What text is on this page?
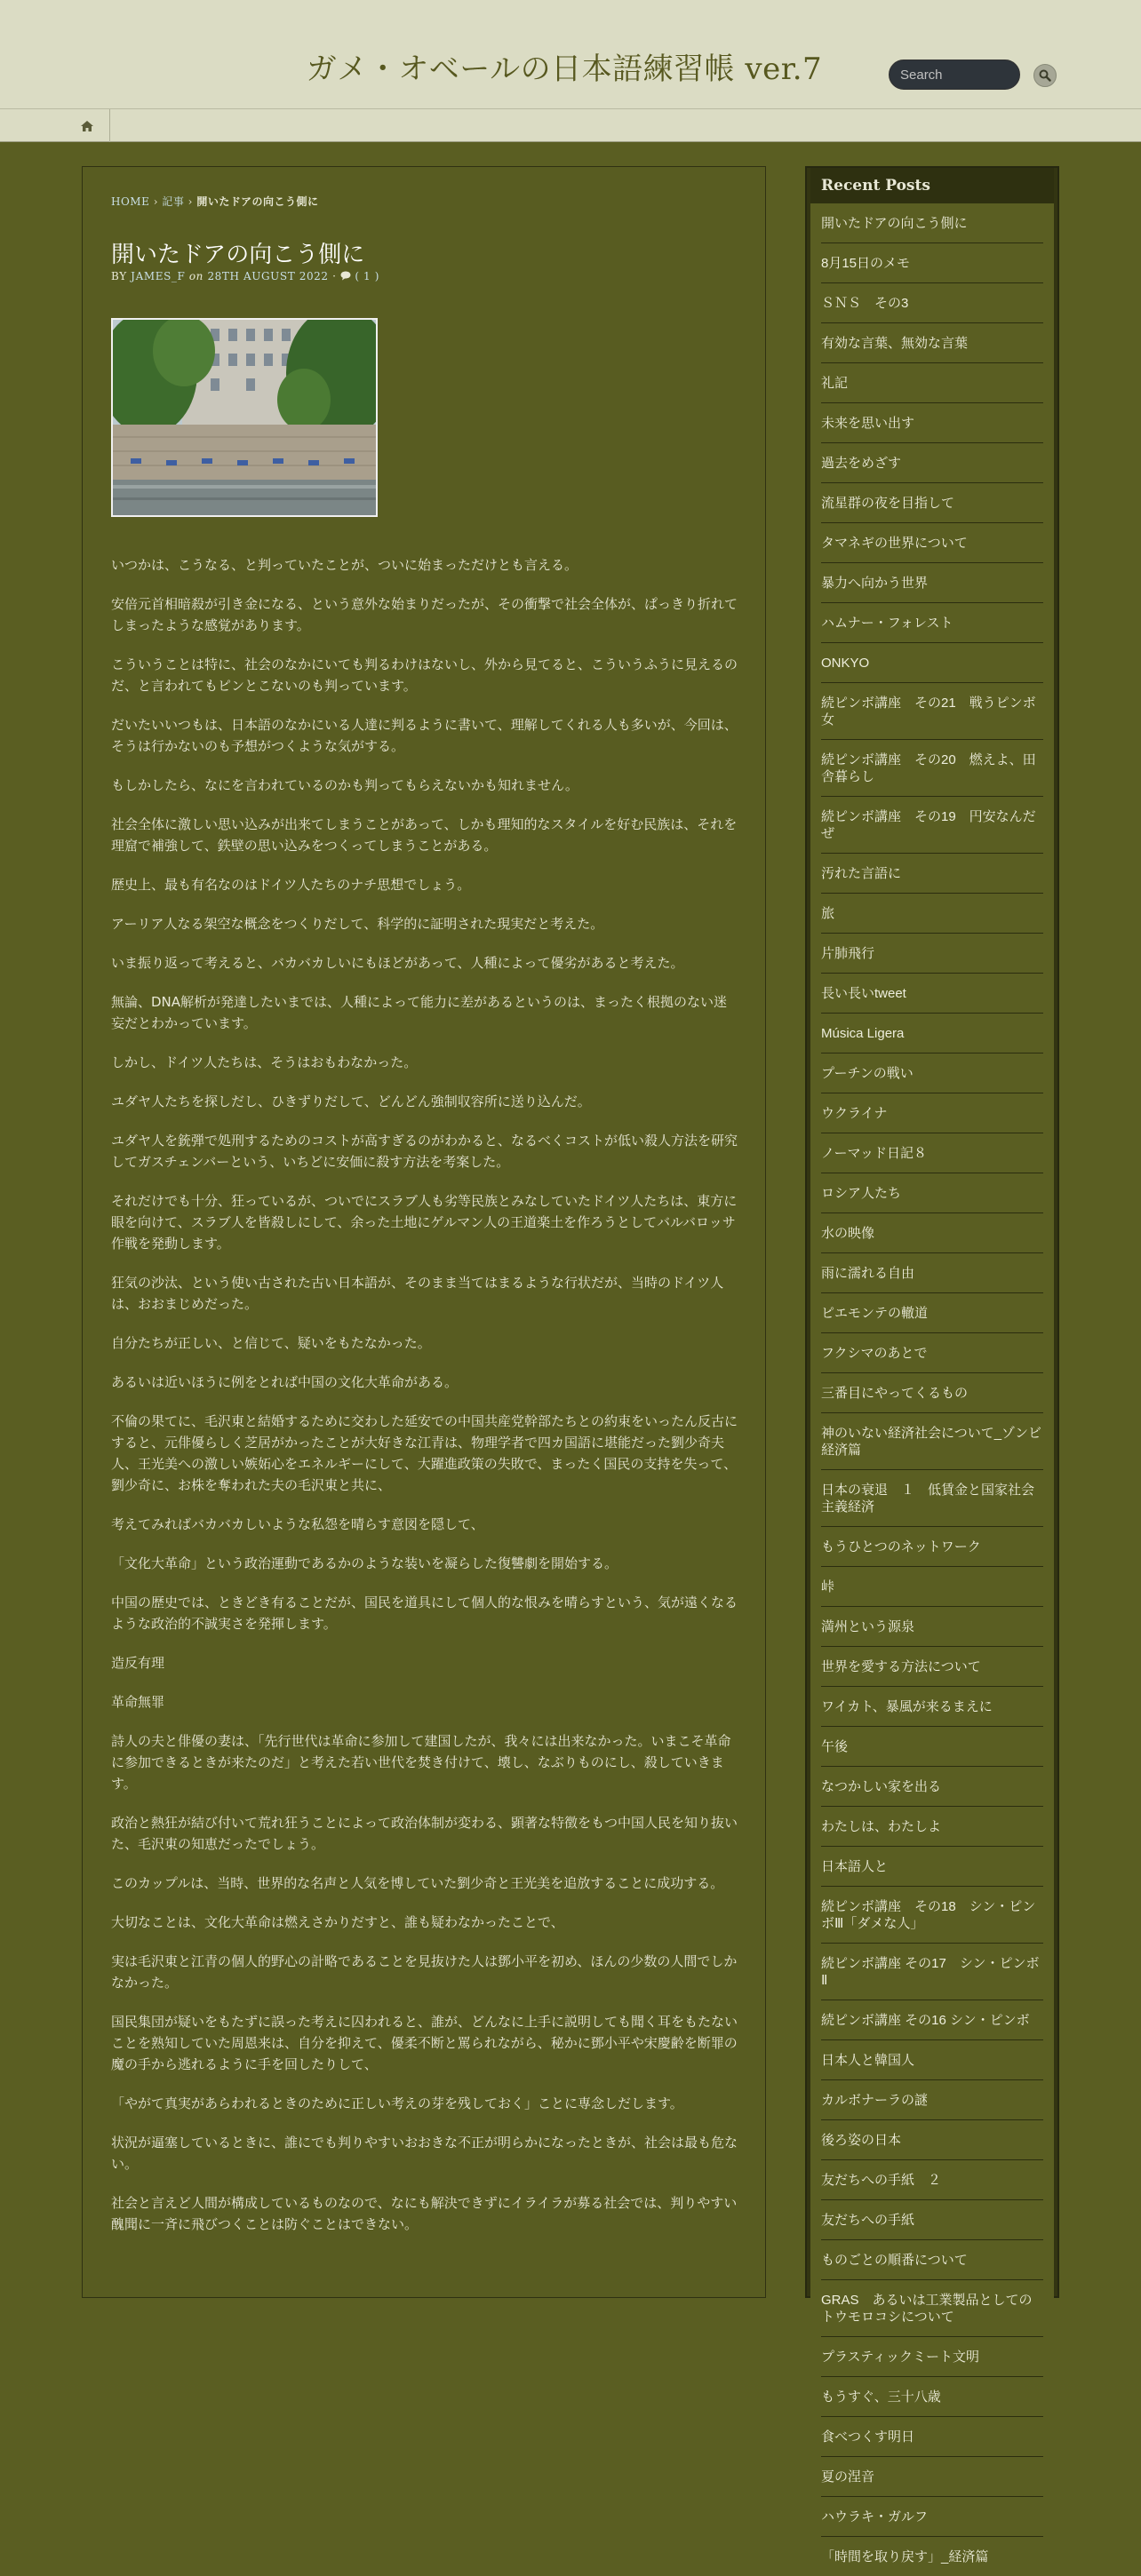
ガメ・オベールの日本語練習帳 ver.7
Search
HOME › 記事 › 開いたドアの向こう側に
開いたドアの向こう側に
BY JAMES_F on 28TH AUGUST 2022 · ( 1 )

いつかは、こうなる、と判っていたことが、ついに始まっただけとも言える。

安倍元首相暗殺が引き金になる、という意外な始まりだったが、その衝撃で社会全体が、ぱっきり折れてしまったような感覚があります。

こういうことは特に、社会のなかにいても判るわけはないし、外から見てると、こういうふうに見えるのだ、と言われてもピンとこないのも判っています。

だいたいいつもは、日本語のなかにいる人達に判るように書いて、理解してくれる人も多いが、今回は、そうは行かないのも予想がつくような気がする。

もしかしたら、なにを言われているのかも判ってもらえないかも知れません。

社会全体に激しい思い込みが出来てしまうことがあって、しかも理知的なスタイルを好む民族は、それを理窟で補強して、鉄壁の思い込みをつくってしまうことがある。

歴史上、最も有名なのはドイツ人たちのナチ思想でしょう。

アーリア人なる架空な概念をつくりだして、科学的に証明された現実だと考えた。

いま振り返って考えると、バカバカしいにもほどがあって、人種によって優劣があると考えた。

無論、DNA解析が発達したいまでは、人種によって能力に差があるというのは、まったく根拠のない迷妄だとわかっています。

しかし、ドイツ人たちは、そうはおもわなかった。

ユダヤ人たちを探しだし、ひきずりだして、どんどん強制収容所に送り込んだ。

ユダヤ人を銃弾で処刑するためのコストが高すぎるのがわかると、なるべくコストが低い殺人方法を研究してガスチェンバーという、いちどに安価に殺す方法を考案した。

それだけでも十分、狂っているが、ついでにスラブ人も劣等民族とみなしていたドイツ人たちは、東方に眼を向けて、スラブ人を皆殺しにして、余った土地にゲルマン人の王道楽土を作ろうとしてバルバロッサ作戦を発動します。

狂気の沙汰、という使い古された古い日本語が、そのまま当てはまるような行状だが、当時のドイツ人は、おおまじめだった。

自分たちが正しい、と信じて、疑いをもたなかった。

あるいは近いほうに例をとれば中国の文化大革命がある。

不倫の果てに、毛沢東と結婚するために交わした延安での中国共産党幹部たちとの約束をいったん反古にすると、元俳優らしく芝居がかったことが大好きな江青は、物理学者で四カ国語に堪能だった劉少奇夫人、王光美への激しい嫉妬心をエネルギーにして、大躍進政策の失敗で、まったく国民の支持を失って、劉少奇に、お株を奪われた夫の毛沢東と共に、

考えてみればバカバカしいような私怨を晴らす意図を隠して、

「文化大革命」という政治運動であるかのような装いを凝らした復讐劇を開始する。

中国の歴史では、ときどき有ることだが、国民を道具にして個人的な恨みを晴らすという、気が遠くなるような政治的不誠実さを発揮します。

造反有理

革命無罪

詩人の夫と俳優の妻は、「先行世代は革命に参加して建国したが、我々には出来なかった。いまこそ革命に参加できるときが来たのだ」と考えた若い世代を焚き付けて、壊し、なぶりものにし、殺していきます。

政治と熱狂が結び付いて荒れ狂うことによって政治体制が変わる、顕著な特徴をもつ中国人民を知り抜いた、毛沢東の知恵だったでしょう。

このカップルは、当時、世界的な名声と人気を博していた劉少奇と王光美を追放することに成功する。

大切なことは、文化大革命は燃えさかりだすと、誰も疑わなかったことで、

実は毛沢東と江青の個人的野心の計略であることを見抜けた人は鄧小平を初め、ほんの少数の人間でしかなかった。

国民集団が疑いをもたずに誤った考えに囚われると、誰が、どんなに上手に説明しても聞く耳をもたないことを熟知していた周恩来は、自分を抑えて、優柔不断と罵られながら、秘かに鄧小平や宋慶齢を断罪の魔の手から逃れるように手を回したりして、

「やがて真実があらわれるときのために正しい考えの芽を残しておく」ことに専念しだします。

状況が逼塞しているときに、誰にでも判りやすいおおきな不正が明らかになったときが、社会は最も危ない。

社会と言えど人間が構成しているものなので、なにも解決できずにイライラが募る社会では、判りやすい醜聞に一斉に飛びつくことは防ぐことはできない。

Recent Posts
開いたドアの向こう側に
8月15日のメモ
ＳＮＳ　その3
有効な言葉、無効な言葉
礼記
未来を思い出す
過去をめざす
流星群の夜を目指して
タマネギの世界について
暴力へ向かう世界
ハムナー・フォレスト
ONKYO
続ピンボ講座　その21　戦うピンボ女
続ピンボ講座　その20　燃えよ、田舎暮らし
続ピンボ講座　その19　円安なんだぜ
汚れた言語に
旅
片肺飛行
長い長いtweet
Música Ligera
プーチンの戦い
ウクライナ
ノーマッド日記８
ロシア人たち
水の映像
雨に濡れる自由
ピエモンテの轍道
フクシマのあとで
三番目にやってくるもの
神のいない経済社会について_ゾンビ経済篇
日本の衰退　１　低賃金と国家社会主義経済
もうひとつのネットワーク
峠
満州という源泉
世界を愛する方法について
ワイカト、暴風が来るまえに
午後
なつかしい家を出る
わたしは、わたしよ
日本語人と
続ピンボ講座　その18　シン・ピンボⅢ「ダメな人」
続ピンボ講座 その17　シン・ピンボⅡ
続ピンボ講座 その16 シン・ピンボ
日本人と韓国人
カルボナーラの謎
後ろ姿の日本
友だちへの手紙　２
友だちへの手紙
ものごとの順番について
GRAS　あるいは工業製品としてのトウモロコシについて
プラスティックミート文明
もうすぐ、三十八歳
食べつくす明日
夏の涅音
ハウラキ・ガルフ
「時間を取り戻す」_経済篇
